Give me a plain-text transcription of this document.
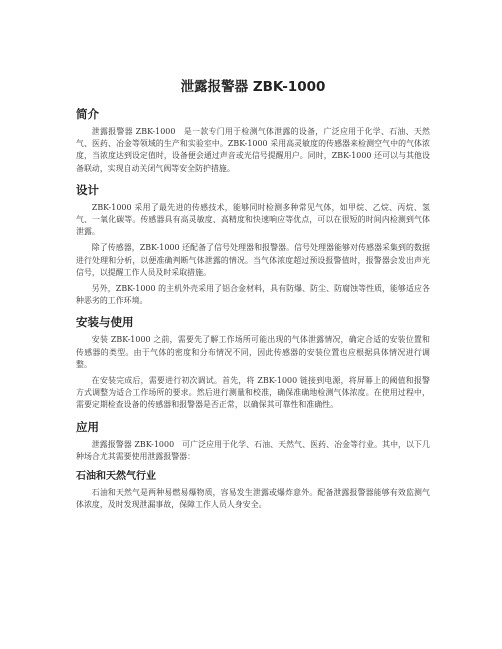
泄露报警器 ZBK-1000
简介

泄露报警器 ZBK-1000　是一款专门用于检测气体泄露的设备，广泛应用于化学、石油、天然气、医药、冶金等领域的生产和实验室中。ZBK-1000 采用高灵敏度的传感器来检测空气中的气体浓度，当浓度达到设定值时，设备便会通过声音或光信号提醒用户。同时，ZBK-1000 还可以与其他设备联动，实现自动关闭气阀等安全防护措施。

设计

ZBK-1000 采用了最先进的传感技术，能够同时检测多种常见气体，如甲烷、乙烷、丙烷、氢气、一氧化碳等。传感器具有高灵敏度、高精度和快速响应等优点，可以在很短的时间内检测到气体泄露。

除了传感器，ZBK-1000 还配备了信号处理器和报警器。信号处理器能够对传感器采集到的数据进行处理和分析，以便准确判断气体泄露的情况。当气体浓度超过预设报警值时，报警器会发出声光信号，以提醒工作人员及时采取措施。

另外，ZBK-1000 的主机外壳采用了铝合金材料，具有防爆、防尘、防腐蚀等性质，能够适应各种恶劣的工作环境。

安装与使用

安装 ZBK-1000 之前，需要先了解工作场所可能出现的气体泄露情况，确定合适的安装位置和传感器的类型。由于气体的密度和分布情况不同，因此传感器的安装位置也应根据具体情况进行调整。

在安装完成后，需要进行初次调试。首先，将 ZBK-1000 链接到电源，将屏幕上的阈值和报警方式调整为适合工作场所的要求。然后进行测量和校准，确保准确地检测气体浓度。在使用过程中，需要定期检查设备的传感器和报警器是否正常，以确保其可靠性和准确性。

应用

泄露报警器 ZBK-1000　可广泛应用于化学、石油、天然气、医药、冶金等行业。其中，以下几种场合尤其需要使用泄露报警器：

石油和天然气行业

石油和天然气是两种易燃易爆物质，容易发生泄露或爆炸意外。配备泄露报警器能够有效监测气体浓度，及时发现泄漏事故，保障工作人员人身安全。
